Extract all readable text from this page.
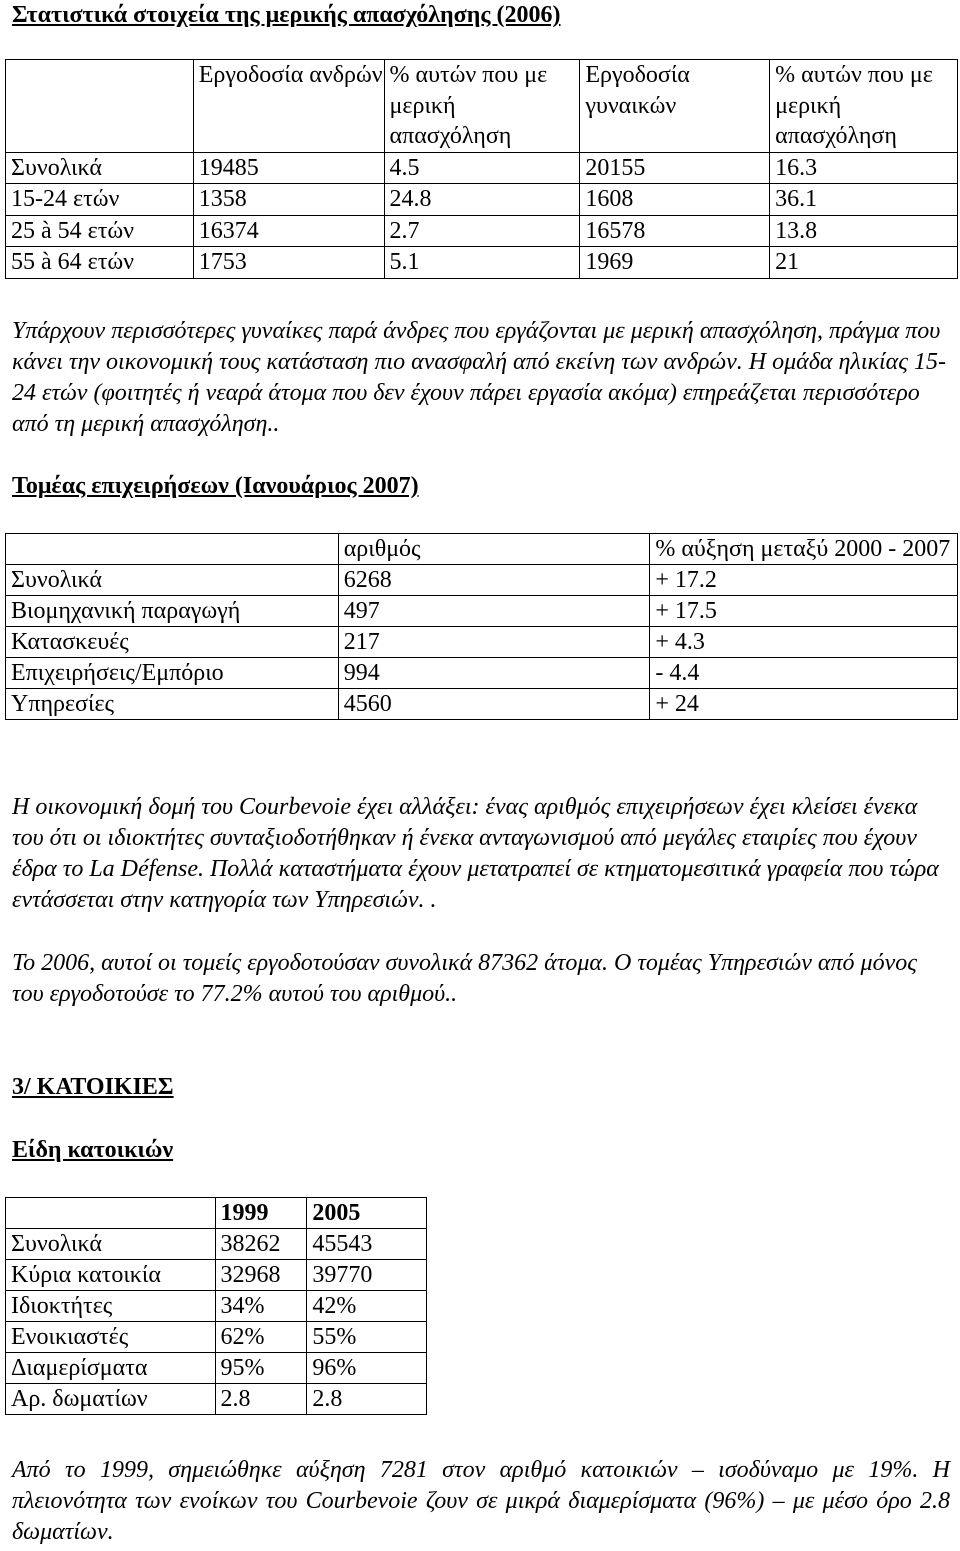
Στατιστικά στοιχεία της μερικής απασχόλησης (2006)
	Εργοδοσία ανδρών	% αυτών που με μερική απασχόληση	Εργοδοσία γυναικών	% αυτών που με μερική απασχόληση
Συνολικά	19485	4.5	20155	16.3
15-24 ετών	1358	24.8	1608	36.1
25 à 54 ετών	16374	2.7	16578	13.8
55 à 64 ετών	1753	5.1	1969	21
Υπάρχουν περισσότερες γυναίκες παρά άνδρες που εργάζονται με μερική απασχόληση, πράγμα που κάνει την οικονομική τους κατάσταση πιο ανασφαλή από εκείνη των ανδρών. Η ομάδα ηλικίας 15-24 ετών (φοιτητές ή νεαρά άτομα που δεν έχουν πάρει εργασία ακόμα) επηρεάζεται περισσότερο από τη μερική απασχόληση..
Τομέας επιχειρήσεων (Ιανουάριος 2007)
	αριθμός	% αύξηση μεταξύ 2000 - 2007
Συνολικά	6268	+ 17.2
Βιομηχανική παραγωγή	497	+ 17.5
Κατασκευές	217	+ 4.3
Επιχειρήσεις/Εμπόριο	994	- 4.4
Υπηρεσίες	4560	+ 24
Η οικονομική δομή του Courbevoie έχει αλλάξει: ένας αριθμός επιχειρήσεων έχει κλείσει ένεκα του ότι οι ιδιοκτήτες συνταξιοδοτήθηκαν ή ένεκα ανταγωνισμού από μεγάλες εταιρίες που έχουν έδρα το La Défense. Πολλά καταστήματα έχουν μετατραπεί σε κτηματομεσιτικά γραφεία που τώρα εντάσσεται στην κατηγορία των Υπηρεσιών. .
Το 2006, αυτοί οι τομείς εργοδοτούσαν συνολικά 87362 άτομα. Ο τομέας Υπηρεσιών από μόνος του εργοδοτούσε το 77.2% αυτού του αριθμού..
3/ ΚΑΤΟΙΚΙΕΣ
Είδη κατοικιών
	1999	2005
Συνολικά	38262	45543
Κύρια κατοικία	32968	39770
Ιδιοκτήτες	34%	42%
Ενοικιαστές	62%	55%
Διαμερίσματα	95%	96%
Αρ. δωματίων	2.8	2.8
Από το 1999, σημειώθηκε αύξηση 7281 στον αριθμό κατοικιών – ισοδύναμο με 19%. Η πλειονότητα των ενοίκων του Courbevoie ζουν σε μικρά διαμερίσματα (96%) – με μέσο όρο 2.8 δωματίων.
